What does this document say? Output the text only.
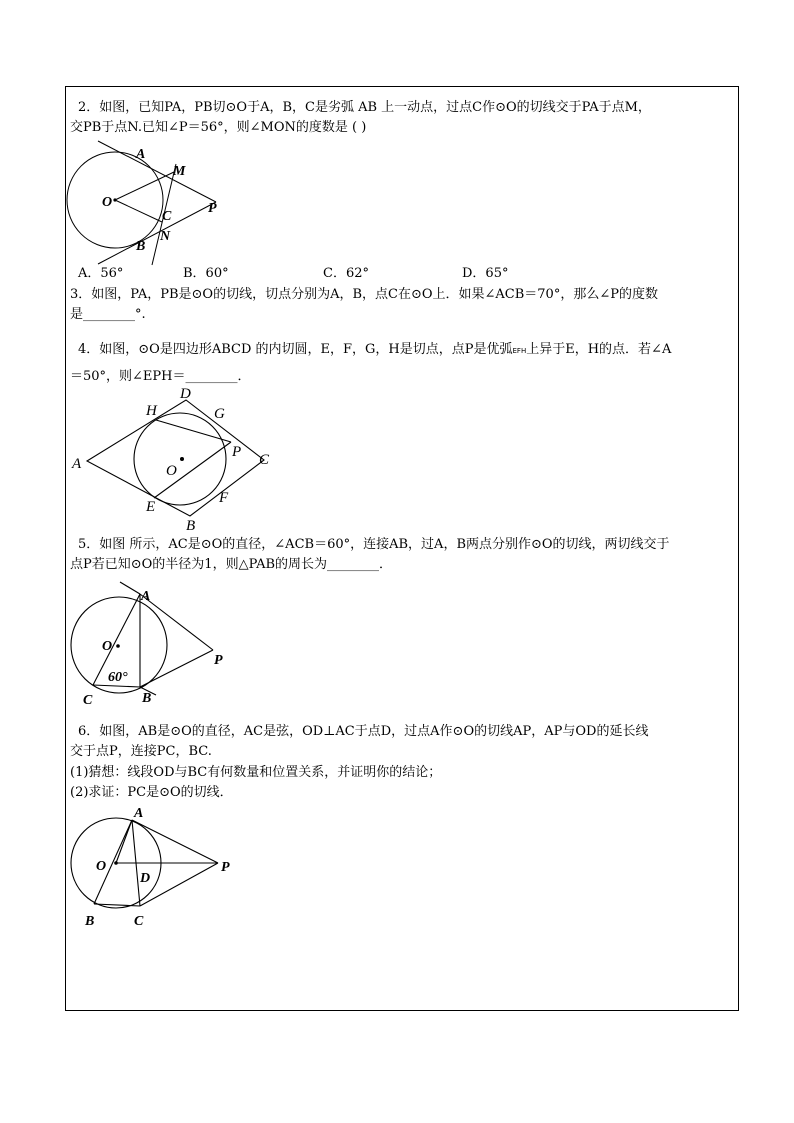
2．如图，已知PA，PB切⊙O于A，B，C是劣弧 AB 上一动点，过点C作⊙O的切线交于PA于点M，
交PB于点N.已知∠P＝56°，则∠MON的度数是 ( )
A
M
O
C
P
N
B
A．56°	B．60°	C．62°	D．65°
3．如图，PA，PB是⊙O的切线，切点分别为A，B，点C在⊙O上．如果∠ACB＝70°，那么∠P的度数
是________°.
4．如图，⊙O是四边形ABCD 的内切圆，E，F，G，H是切点，点P是优弧EFH上异于E，H的点．若∠A
＝50°，则∠EPH＝________．
D
H	G
P C
A	O
E
F
B
5．如图 所示，AC是⊙O的直径，∠ACB＝60°，连接AB，过A，B两点分别作⊙O的切线，两切线交于
点P若已知⊙O的半径为1，则△PAB的周长为________．
A
O
P
60°
C	B
6．如图，AB是⊙O的直径，AC是弦，OD⊥AC于点D，过点A作⊙O的切线AP，AP与OD的延长线
交于点P，连接PC，BC.
(1)猜想：线段OD与BC有何数量和位置关系，并证明你的结论；
(2)求证：PC是⊙O的切线．
A
O
D
P
B	C
